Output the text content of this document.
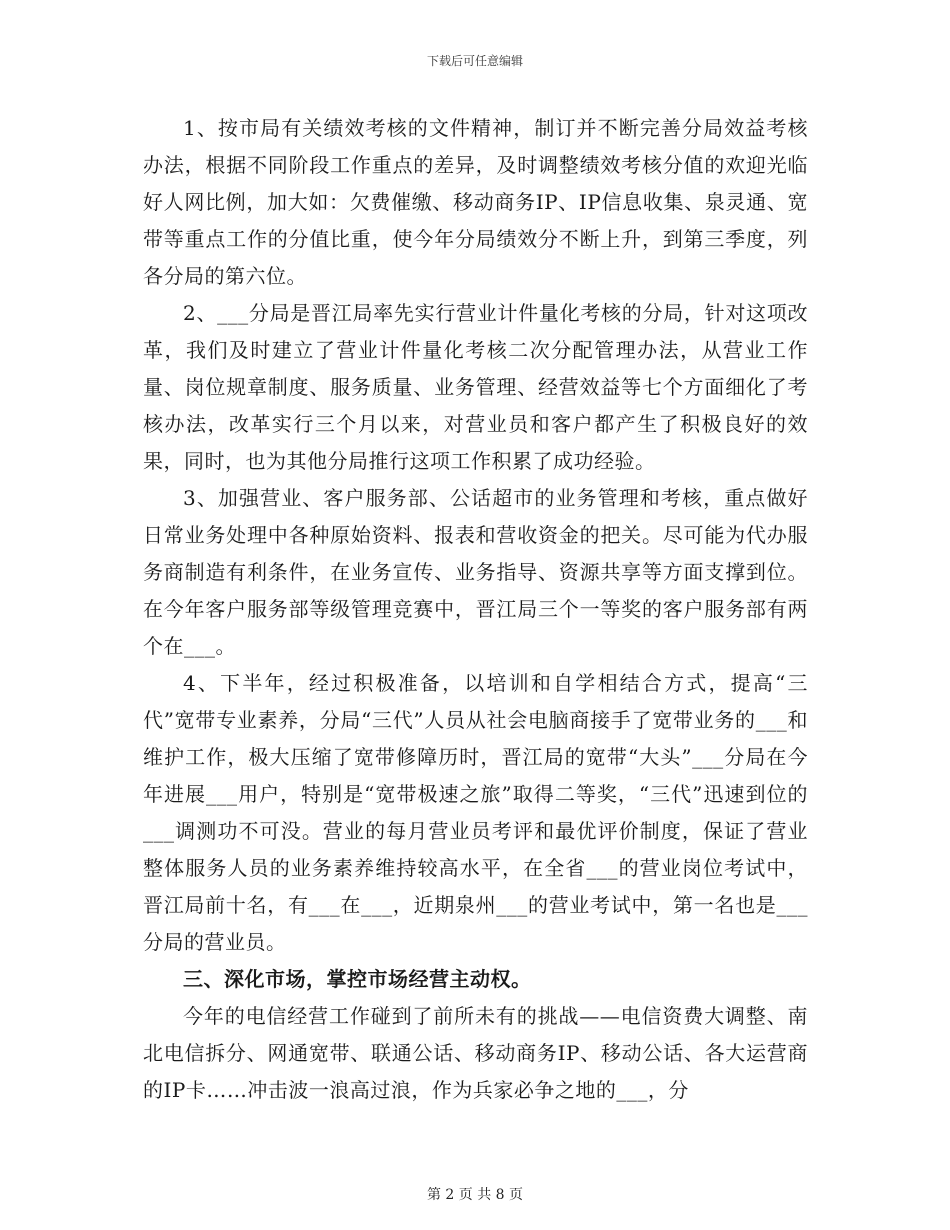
下载后可任意编辑

1、按市局有关绩效考核的文件精神，制订并不断完善分局效益考核办法，根据不同阶段工作重点的差异，及时调整绩效考核分值的欢迎光临好人网比例，加大如：欠费催缴、移动商务IP、IP信息收集、泉灵通、宽带等重点工作的分值比重，使今年分局绩效分不断上升，到第三季度，列各分局的第六位。

2、___分局是晋江局率先实行营业计件量化考核的分局，针对这项改革，我们及时建立了营业计件量化考核二次分配管理办法，从营业工作量、岗位规章制度、服务质量、业务管理、经营效益等七个方面细化了考核办法，改革实行三个月以来，对营业员和客户都产生了积极良好的效果，同时，也为其他分局推行这项工作积累了成功经验。

3、加强营业、客户服务部、公话超市的业务管理和考核，重点做好日常业务处理中各种原始资料、报表和营收资金的把关。尽可能为代办服务商制造有利条件，在业务宣传、业务指导、资源共享等方面支撑到位。在今年客户服务部等级管理竞赛中，晋江局三个一等奖的客户服务部有两个在___。

4、下半年，经过积极准备，以培训和自学相结合方式，提高“三代”宽带专业素养，分局“三代”人员从社会电脑商接手了宽带业务的___和维护工作，极大压缩了宽带修障历时，晋江局的宽带“大头”___分局在今年进展___用户，特别是“宽带极速之旅”取得二等奖，“三代”迅速到位的___调测功不可没。营业的每月营业员考评和最优评价制度，保证了营业整体服务人员的业务素养维持较高水平，在全省___的营业岗位考试中，晋江局前十名，有___在___，近期泉州___的营业考试中，第一名也是___分局的营业员。

三、深化市场，掌控市场经营主动权。

今年的电信经营工作碰到了前所未有的挑战——电信资费大调整、南北电信拆分、网通宽带、联通公话、移动商务IP、移动公话、各大运营商的IP卡……冲击波一浪高过浪，作为兵家必争之地的___，分

第 2 页 共 8 页
